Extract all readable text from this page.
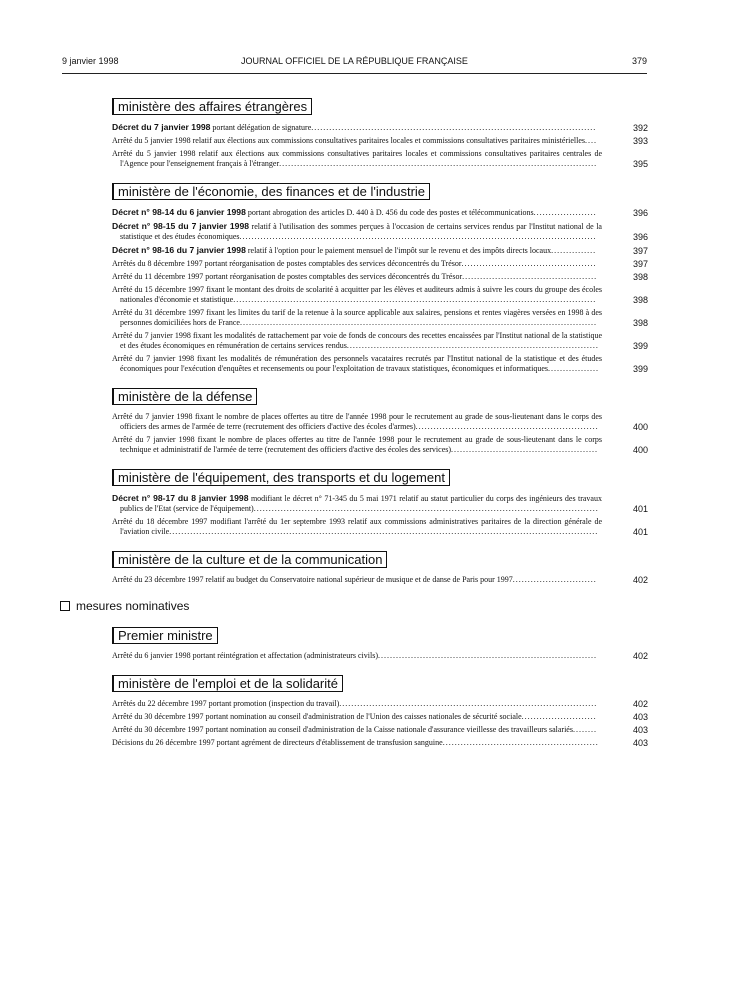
9 janvier 1998	JOURNAL OFFICIEL DE LA RÉPUBLIQUE FRANÇAISE	379
ministère des affaires étrangères
Décret du 7 janvier 1998 portant délégation de signature...............................................................................................	392
Arrêté du 5 janvier 1998 relatif aux élections aux commissions consultatives paritaires locales et commissions consultatives paritaires ministérielles....	393
Arrêté du 5 janvier 1998 relatif aux élections aux commissions consultatives paritaires locales et commissions consultatives paritaires centrales de l'Agence pour l'enseignement français à l'étranger..........................................................................................................	395
ministère de l'économie, des finances et de l'industrie
Décret n° 98-14 du 6 janvier 1998 portant abrogation des articles D. 440 à D. 456 du code des postes et télécommunications.....................	396
Décret n° 98-15 du 7 janvier 1998 relatif à l'utilisation des sommes perçues à l'occasion de certains services rendus par l'Institut national de la statistique et des études économiques.......................................................................................................................	396
Décret n° 98-16 du 7 janvier 1998 relatif à l'option pour le paiement mensuel de l'impôt sur le revenu et des impôts directs locaux...............	397
Arrêtés du 8 décembre 1997 portant réorganisation de postes comptables des services déconcentrés du Trésor.............................................	397
Arrêté du 11 décembre 1997 portant réorganisation de postes comptables des services déconcentrés du Trésor.............................................	398
Arrêté du 15 décembre 1997 fixant le montant des droits de scolarité à acquitter par les élèves et auditeurs admis à suivre les cours du groupe des écoles nationales d'économie et statistique.........................................................................................................................	398
Arrêté du 31 décembre 1997 fixant les limites du tarif de la retenue à la source applicable aux salaires, pensions et rentes viagères versées en 1998 à des personnes domiciliées hors de France.......................................................................................................................	398
Arrêté du 7 janvier 1998 fixant les modalités de rattachement par voie de fonds de concours des recettes encaissées par l'Institut national de la statistique et des études économiques en rémunération de certains services rendus....................................................................................	399
Arrêté du 7 janvier 1998 fixant les modalités de rémunération des personnels vacataires recrutés par l'Institut national de la statistique et des études économiques pour l'exécution d'enquêtes et recensements ou pour l'exploitation de travaux statistiques, économiques et informatiques.................	399
ministère de la défense
Arrêté du 7 janvier 1998 fixant le nombre de places offertes au titre de l'année 1998 pour le recrutement au grade de sous-lieutenant dans le corps des officiers des armes de l'armée de terre (recrutement des officiers d'active des écoles d'armes).............................................................	400
Arrêté du 7 janvier 1998 fixant le nombre de places offertes au titre de l'année 1998 pour le recrutement au grade de sous-lieutenant dans le corps technique et administratif de l'armée de terre (recrutement des officiers d'active des écoles des services).................................................	400
ministère de l'équipement, des transports et du logement
Décret n° 98-17 du 8 janvier 1998 modifiant le décret n° 71-345 du 5 mai 1971 relatif au statut particulier du corps des ingénieurs des travaux publics de l'Etat (service de l'équipement)...................................................................................................................	401
Arrêté du 18 décembre 1997 modifiant l'arrêté du 1er septembre 1993 relatif aux commissions administratives paritaires de la direction générale de l'aviation civile...............................................................................................................................................	401
ministère de la culture et de la communication
Arrêté du 23 décembre 1997 relatif au budget du Conservatoire national supérieur de musique et de danse de Paris pour 1997............................	402
mesures nominatives
Premier ministre
Arrêté du 6 janvier 1998 portant réintégration et affectation (administrateurs civils).........................................................................	402
ministère de l'emploi et de la solidarité
Arrêtés du 22 décembre 1997 portant promotion (inspection du travail)......................................................................................	402
Arrêté du 30 décembre 1997 portant nomination au conseil d'administration de l'Union des caisses nationales de sécurité sociale.........................	403
Arrêté du 30 décembre 1997 portant nomination au conseil d'administration de la Caisse nationale d'assurance vieillesse des travailleurs salariés........	403
Décisions du 26 décembre 1997 portant agrément de directeurs d'établissement de transfusion sanguine....................................................	403
